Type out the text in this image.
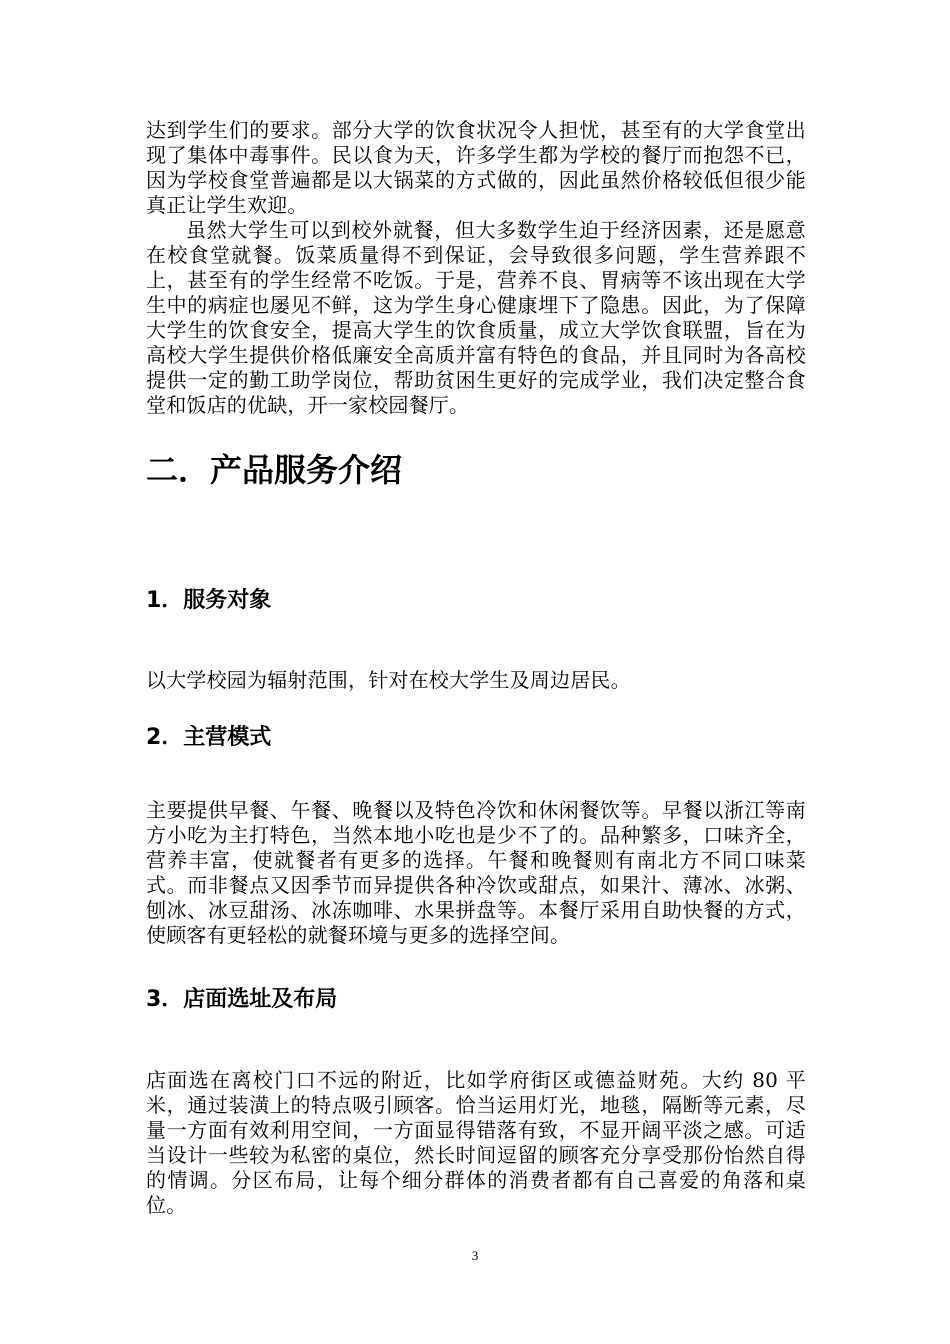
达到学生们的要求。部分大学的饮食状况令人担忧，甚至有的大学食堂出现了集体中毒事件。民以食为天，许多学生都为学校的餐厅而抱怨不已，因为学校食堂普遍都是以大锅菜的方式做的，因此虽然价格较低但很少能真正让学生欢迎。

虽然大学生可以到校外就餐，但大多数学生迫于经济因素，还是愿意在校食堂就餐。饭菜质量得不到保证，会导致很多问题，学生营养跟不上，甚至有的学生经常不吃饭。于是，营养不良、胃病等不该出现在大学生中的病症也屡见不鲜，这为学生身心健康埋下了隐患。因此，为了保障大学生的饮食安全，提高大学生的饮食质量，成立大学饮食联盟，旨在为高校大学生提供价格低廉安全高质并富有特色的食品，并且同时为各高校提供一定的勤工助学岗位，帮助贫困生更好的完成学业，我们决定整合食堂和饭店的优缺，开一家校园餐厅。

二．产品服务介绍
1．服务对象

以大学校园为辐射范围，针对在校大学生及周边居民。

2．主营模式

主要提供早餐、午餐、晚餐以及特色冷饮和休闲餐饮等。早餐以浙江等南方小吃为主打特色，当然本地小吃也是少不了的。品种繁多，口味齐全，营养丰富，使就餐者有更多的选择。午餐和晚餐则有南北方不同口味菜式。而非餐点又因季节而异提供各种冷饮或甜点，如果汁、薄冰、冰粥、刨冰、冰豆甜汤、冰冻咖啡、水果拼盘等。本餐厅采用自助快餐的方式，使顾客有更轻松的就餐环境与更多的选择空间。

3．店面选址及布局

店面选在离校门口不远的附近，比如学府街区或德益财苑。大约 80 平米，通过装潢上的特点吸引顾客。恰当运用灯光，地毯，隔断等元素，尽量一方面有效利用空间，一方面显得错落有致，不显开阔平淡之感。可适当设计一些较为私密的桌位，然长时间逗留的顾客充分享受那份怡然自得的情调。分区布局，让每个细分群体的消费者都有自己喜爱的角落和桌位。

3
